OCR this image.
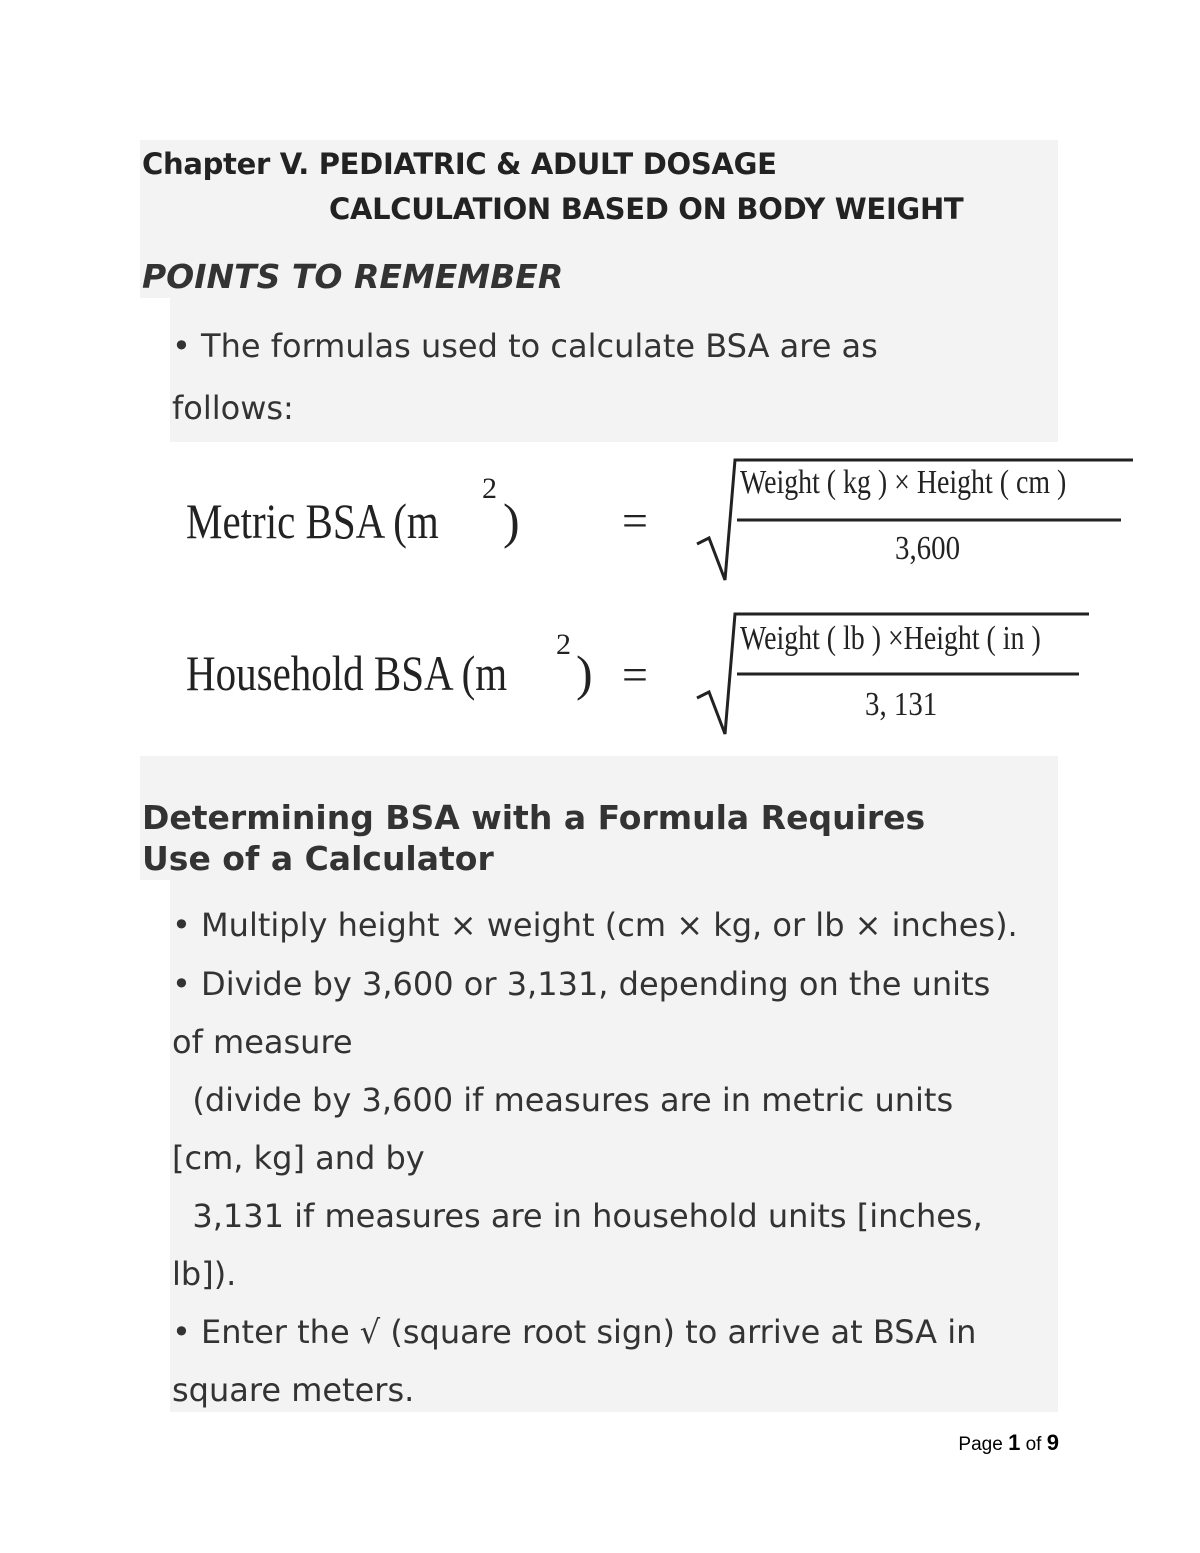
Chapter V. PEDIATRIC & ADULT DOSAGE

CALCULATION BASED ON BODY WEIGHT

POINTS TO REMEMBER

• The formulas used to calculate BSA are as

follows:

Metric BSA (m
2
) =
Weight ( kg ) × Height ( cm )
3,600
Household BSA (m
2
) =
Weight ( lb ) ×Height ( in )
3, 131

Determining BSA with a Formula Requires

Use of a Calculator

• Multiply height × weight (cm × kg, or lb × inches).

• Divide by 3,600 or 3,131, depending on the units

of measure

(divide by 3,600 if measures are in metric units

[cm, kg] and by

3,131 if measures are in household units [inches,

lb]).

• Enter the √ (square root sign) to arrive at BSA in

square meters.

Page 1 of 9
